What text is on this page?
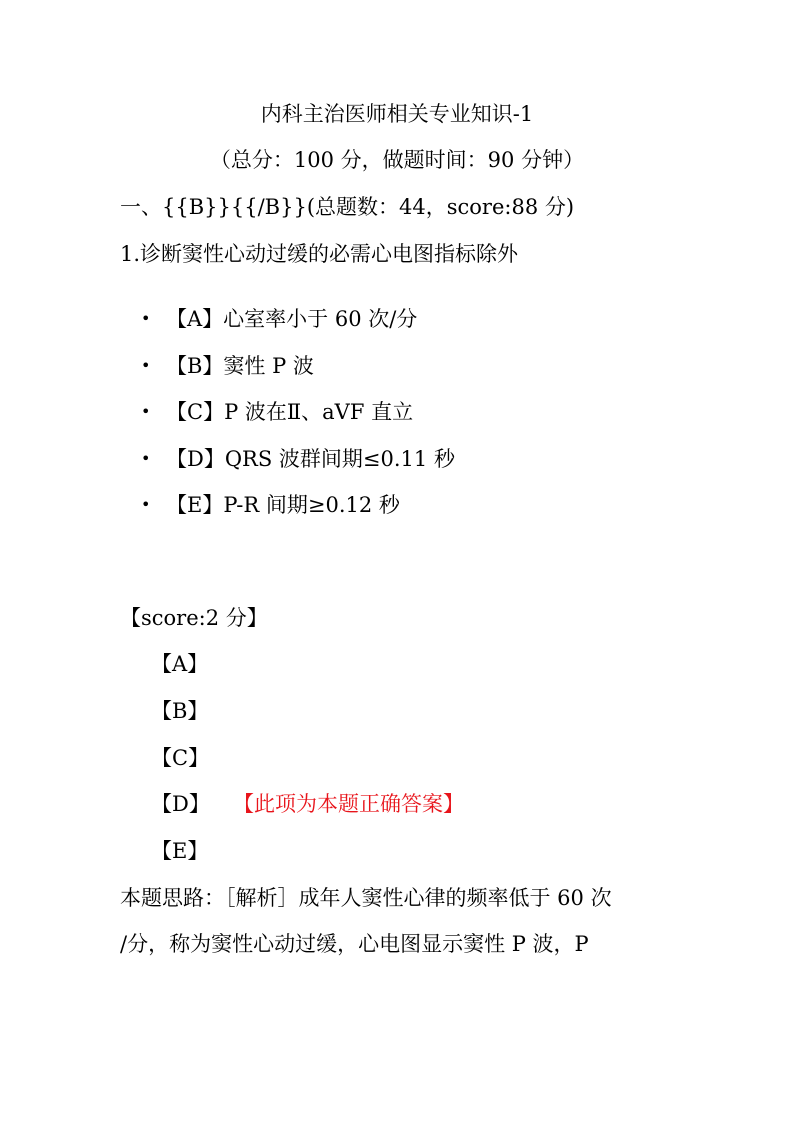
内科主治医师相关专业知识-1
（总分：100 分，做题时间：90 分钟）
一、{{B}}{{/B}}(总题数：44，score:88 分)
1.诊断窦性心动过缓的必需心电图指标除外
• 【A】心室率小于 60 次/分
• 【B】窦性 P 波
• 【C】P 波在Ⅱ、aVF 直立
• 【D】QRS 波群间期≤0.11 秒
• 【E】P-R 间期≥0.12 秒
【score:2 分】
【A】
【B】
【C】
【D】 【此项为本题正确答案】
【E】
本题思路：［解析］成年人窦性心律的频率低于 60 次
/分，称为窦性心动过缓，心电图显示窦性 P 波，P
